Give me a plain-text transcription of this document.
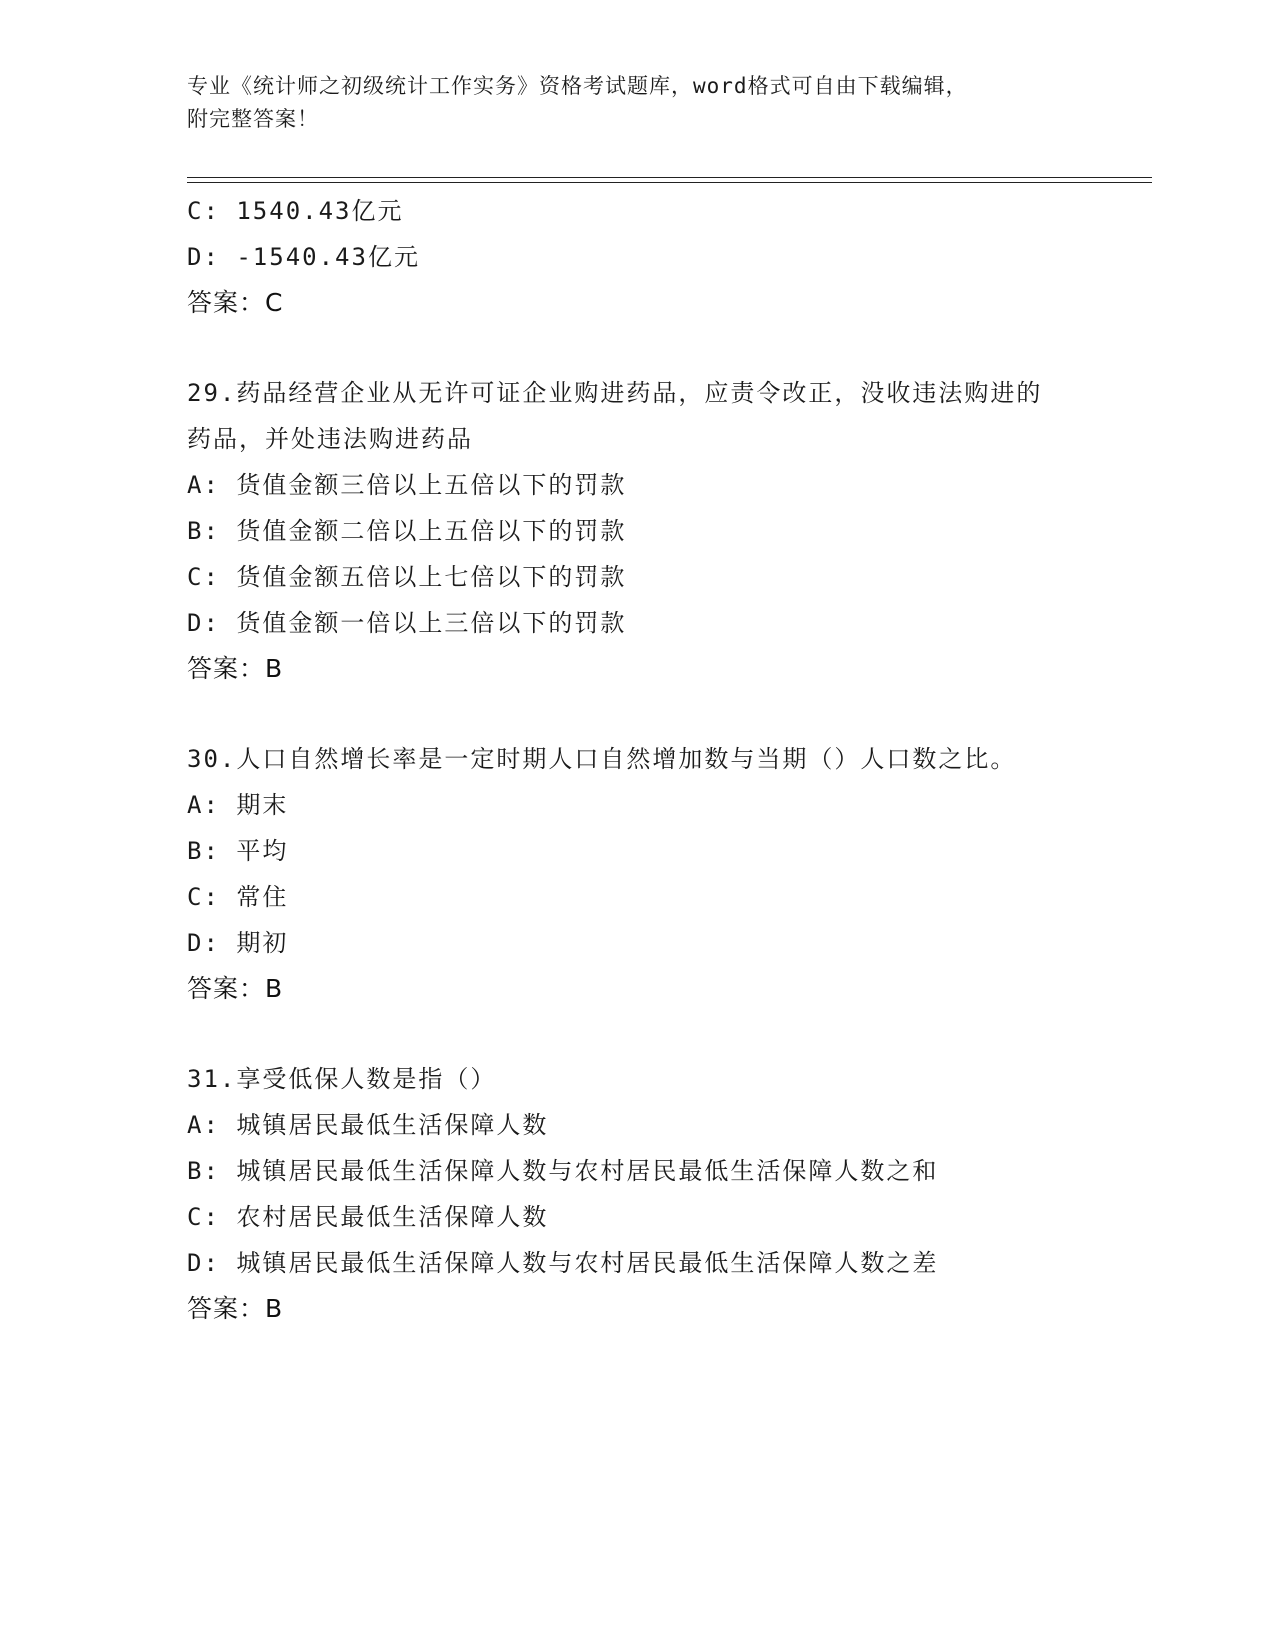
专业《统计师之初级统计工作实务》资格考试题库，word格式可自由下载编辑，
附完整答案！
C: 1540.43亿元
D: -1540.43亿元
答案：C
29.药品经营企业从无许可证企业购进药品，应责令改正，没收违法购进的药品，并处违法购进药品
A: 货值金额三倍以上五倍以下的罚款
B: 货值金额二倍以上五倍以下的罚款
C: 货值金额五倍以上七倍以下的罚款
D: 货值金额一倍以上三倍以下的罚款
答案：B
30.人口自然增长率是一定时期人口自然增加数与当期（）人口数之比。
A: 期末
B: 平均
C: 常住
D: 期初
答案：B
31.享受低保人数是指（）
A: 城镇居民最低生活保障人数
B: 城镇居民最低生活保障人数与农村居民最低生活保障人数之和
C: 农村居民最低生活保障人数
D: 城镇居民最低生活保障人数与农村居民最低生活保障人数之差
答案：B
